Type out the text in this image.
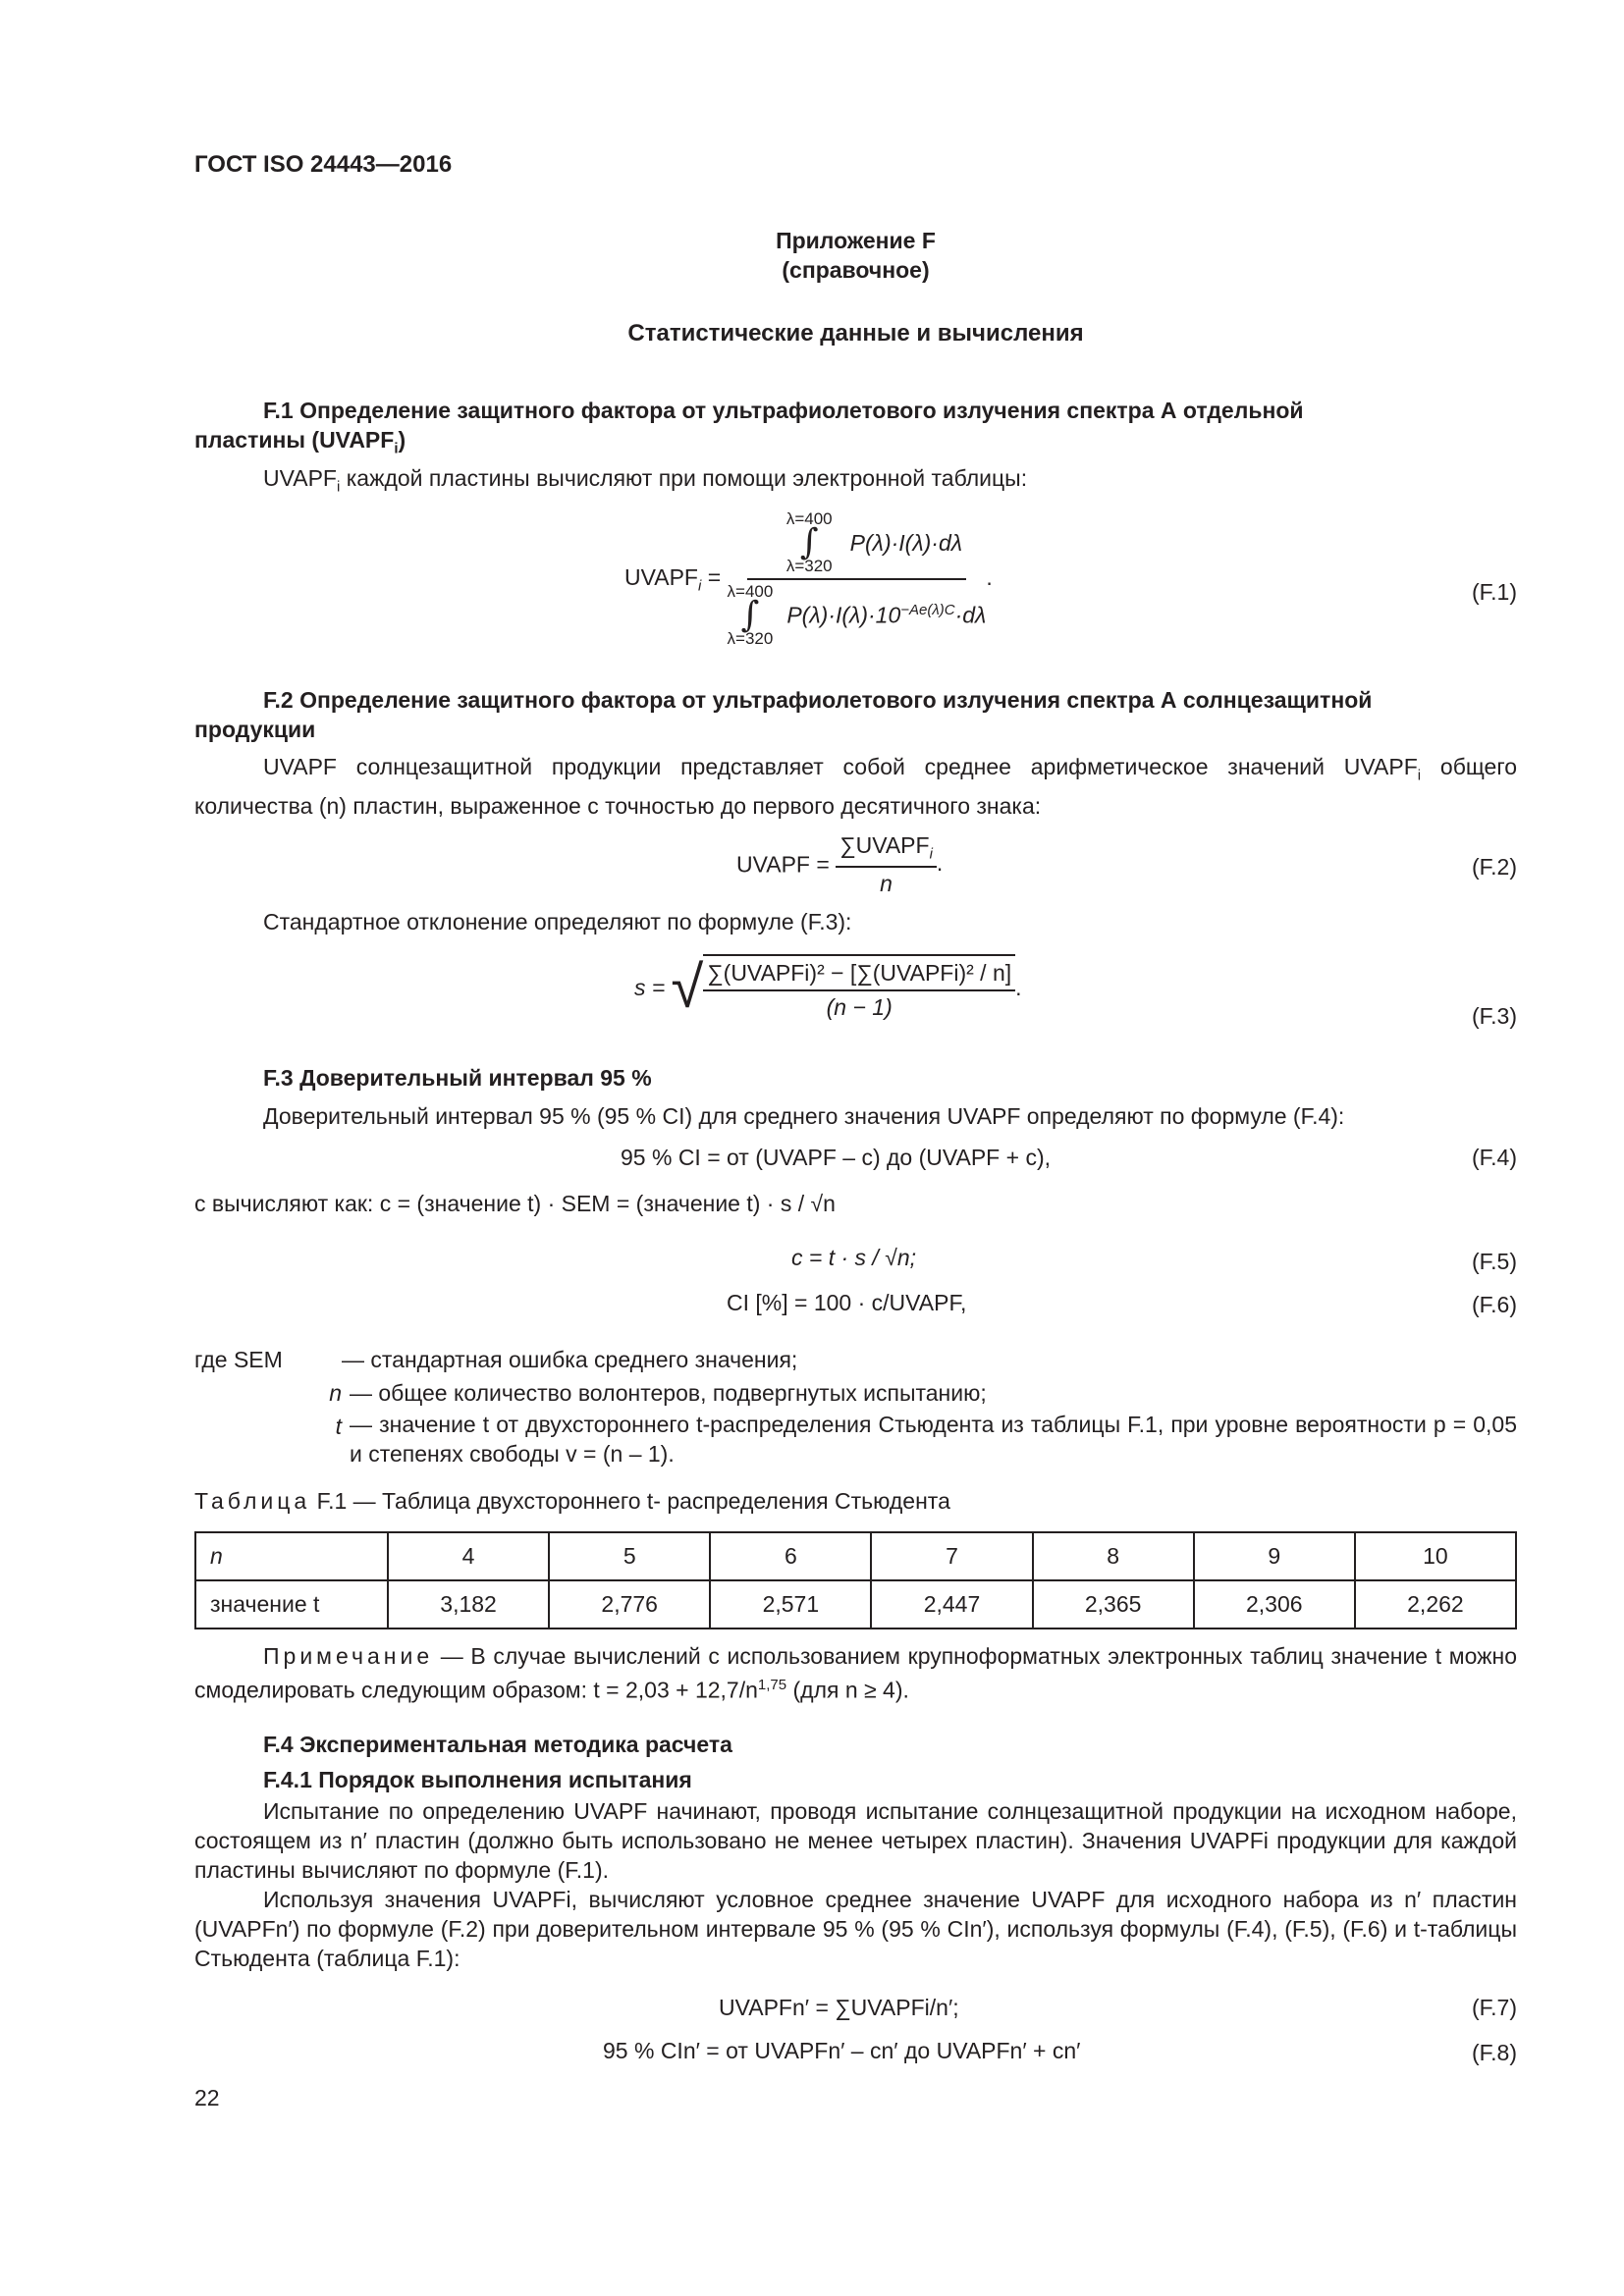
ГОСТ ISO 24443—2016
Приложение F
(справочное)
Статистические данные и вычисления
F.1 Определение защитного фактора от ультрафиолетового излучения спектра А отдельной
пластины $(UVAPF_i)$
$UVAPF_i$ каждой пластины вычисляют при помощи электронной таблицы:
$UVAPF_i = \lambda=400$
∫
λ=320
P(λ)·I(λ)·dλ
λ=400
∫
λ=320
$P(\lambda)\cdot I(\lambda)\cdot 10^{-Ae(\lambda)C}\cdot d\lambda$ .
(F.1)
F.2 Определение защитного фактора от ультрафиолетового излучения спектра А солнцезащитной
продукции
UVAPF солнцезащитной продукции представляет собой среднее арифметическое значений $UVAPF_i$ общего количества (n) пластин, выраженное с точностью до первого десятичного знака:
UVAPF = $\frac{\sum UVAPF_i}{n}$ .	(F.2)
Стандартное отклонение определяют по формуле (F.3):
s = √ $\frac{\text{∑(UVAPFi)² − [∑(UVAPFi)² / n]}}{(n - 1)}$ .
(F.3)
F.3 Доверительный интервал 95 %
Доверительный интервал 95 % (95 % CI) для среднего значения UVAPF определяют по формуле (F.4):
95 % CI = от (UVAPF – c) до (UVAPF + c),	(F.4)
c вычисляют как: c = (значение t) · SEM = (значение t) · s / √n
c = t · s / √n;	(F.5)
CI [%] = 100 · c/UVAPF,	(F.6)
где SEM	— стандартная ошибка среднего значения;
n — общее количество волонтеров, подвергнутых испытанию;
t — значение t от двухстороннего t-распределения Стьюдента из таблицы F.1, при уровне вероятности p = 0,05 и степенях свободы v = (n – 1).
Таблица F.1 — Таблица двухстороннего t- распределения Стьюдента
n	4	5	6	7	8	9	10
значение t	3,182	2,776	2,571	2,447	2,365	2,306	2,262
Примечание — В случае вычислений с использованием крупноформатных электронных таблиц значение t можно смоделировать следующим образом: $t = 2,03 + 12,7/n^{1,75}$ (для n ≥ 4).
F.4 Экспериментальная методика расчета
F.4.1 Порядок выполнения испытания
Испытание по определению UVAPF начинают, проводя испытание солнцезащитной продукции на исходном наборе, состоящем из n′ пластин (должно быть использовано не менее четырех пластин). Значения UVAPFi продукции для каждой пластины вычисляют по формуле (F.1).
Используя значения UVAPFi, вычисляют условное среднее значение UVAPF для исходного набора из n′ пластин (UVAPFn′) по формуле (F.2) при доверительном интервале 95 % (95 % CIn′), используя формулы (F.4), (F.5), (F.6) и t-таблицы Стьюдента (таблица F.1):
UVAPFn′ = ∑UVAPFi/n′;	(F.7)
95 % CIn′ = от UVAPFn′ – cn′ до UVAPFn′ + cn′	(F.8)
22
